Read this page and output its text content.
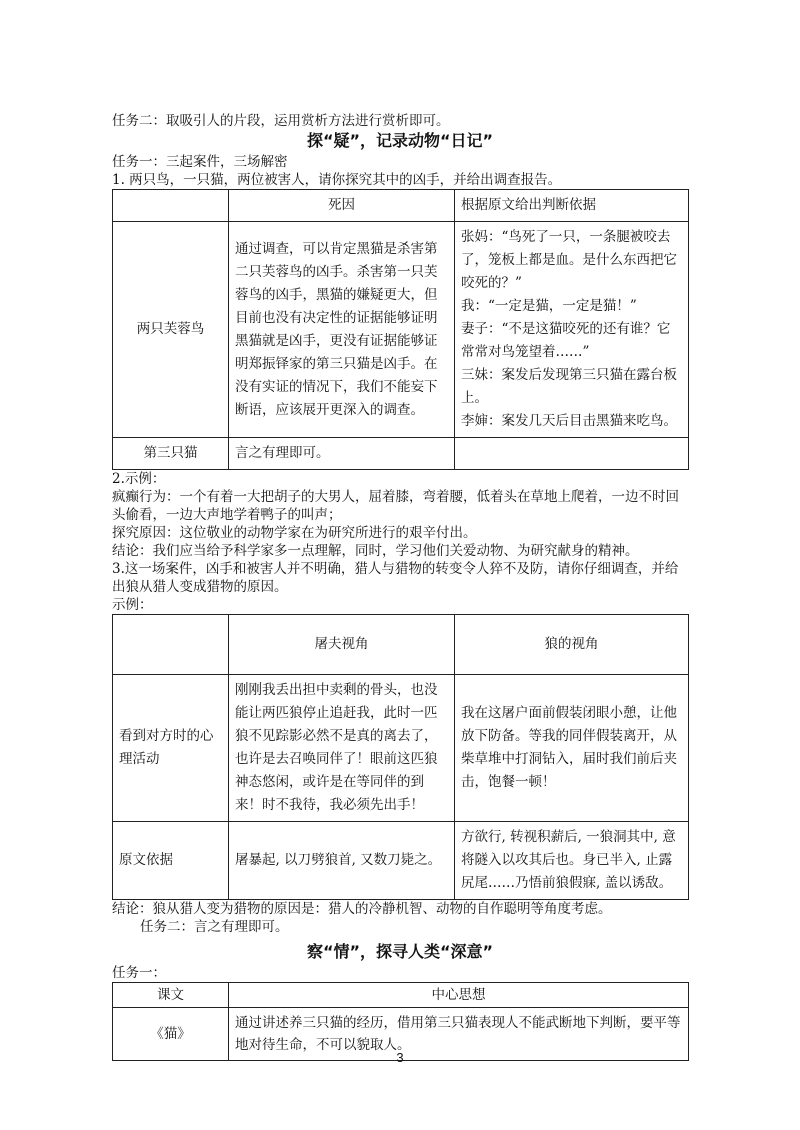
任务二：取吸引人的片段，运用赏析方法进行赏析即可。

探“疑”，记录动物“日记”

任务一：三起案件，三场解密

1. 两只鸟，一只猫，两位被害人，请你探究其中的凶手，并给出调查报告。

	死因	根据原文给出判断依据
两只芙蓉鸟	通过调查，可以肯定黑猫是杀害第二只芙蓉鸟的凶手。杀害第一只芙蓉鸟的凶手，黑猫的嫌疑更大，但目前也没有决定性的证据能够证明黑猫就是凶手，更没有证据能够证明郑振铎家的第三只猫是凶手。在没有实证的情况下，我们不能妄下断语，应该展开更深入的调查。	张妈：“鸟死了一只，一条腿被咬去了，笼板上都是血。是什么东西把它咬死的？”
我：“一定是猫，一定是猫！”
妻子：“不是这猫咬死的还有谁？它常常对鸟笼望着……”
三妹：案发后发现第三只猫在露台板上。
李婶：案发几天后目击黑猫来吃鸟。

第三只猫	言之有理即可。	

2.示例：

疯癫行为：一个有着一大把胡子的大男人，屈着膝，弯着腰，低着头在草地上爬着，一边不时回头偷看，一边大声地学着鸭子的叫声；

探究原因：这位敬业的动物学家在为研究所进行的艰辛付出。

结论：我们应当给予科学家多一点理解，同时，学习他们关爱动物、为研究献身的精神。

3.这一场案件，凶手和被害人并不明确，猎人与猎物的转变令人猝不及防，请你仔细调查，并给出狼从猎人变成猎物的原因。

示例：

	屠夫视角	狼的视角
看到对方时的心理活动	刚刚我丢出担中卖剩的骨头，也没能让两匹狼停止追赶我，此时一匹狼不见踪影必然不是真的离去了，也许是去召唤同伴了！眼前这匹狼神态悠闲，或许是在等同伴的到来！时不我待，我必须先出手！	我在这屠户面前假装闭眼小憩，让他放下防备。等我的同伴假装离开，从柴草堆中打洞钻入，届时我们前后夹击，饱餐一顿！
原文依据	屠暴起, 以刀劈狼首, 又数刀毙之。	方欲行, 转视积薪后, 一狼洞其中, 意将隧入以攻其后也。身已半入, 止露尻尾……乃悟前狼假寐, 盖以诱敌。

结论：狼从猎人变为猎物的原因是：猎人的冷静机智、动物的自作聪明等角度考虑。

任务二：言之有理即可。

察“情”，探寻人类“深意”

任务一：

课文	中心思想
《猫》	通过讲述养三只猫的经历，借用第三只猫表现人不能武断地下判断，要平等地对待生命，不可以貌取人。
3
